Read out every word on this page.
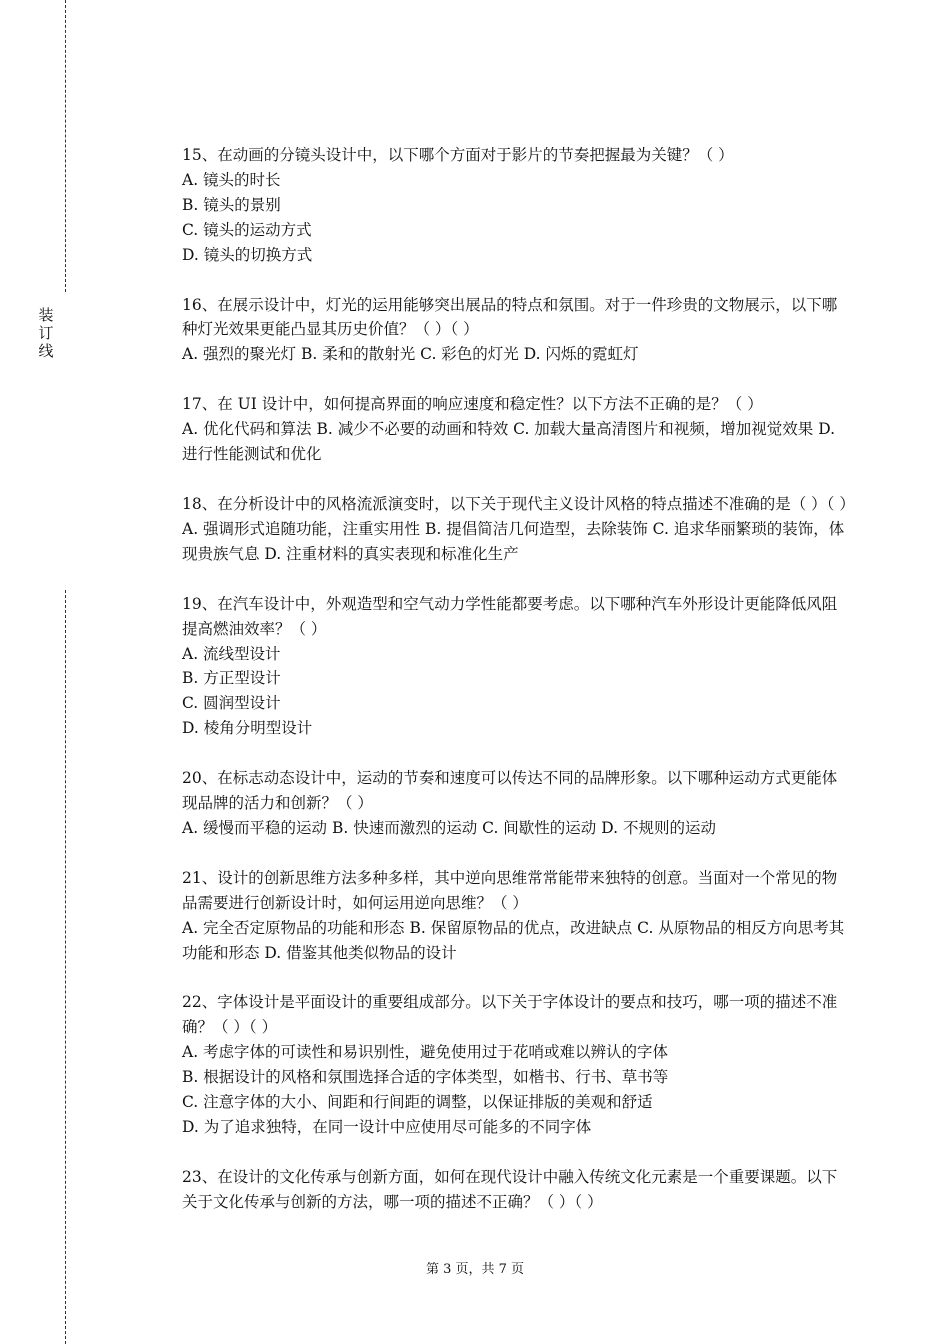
装
订
线
15、在动画的分镜头设计中，以下哪个方面对于影片的节奏把握最为关键？（ ）
A. 镜头的时长
B. 镜头的景别
C. 镜头的运动方式
D. 镜头的切换方式
16、在展示设计中，灯光的运用能够突出展品的特点和氛围。对于一件珍贵的文物展示，以下哪种灯光效果更能凸显其历史价值？（ ）（ ）
A. 强烈的聚光灯 B. 柔和的散射光 C. 彩色的灯光 D. 闪烁的霓虹灯
17、在 UI 设计中，如何提高界面的响应速度和稳定性？以下方法不正确的是？（ ）
A. 优化代码和算法 B. 减少不必要的动画和特效 C. 加载大量高清图片和视频，增加视觉效果 D. 进行性能测试和优化
18、在分析设计中的风格流派演变时，以下关于现代主义设计风格的特点描述不准确的是（ ）（ ）
A. 强调形式追随功能，注重实用性 B. 提倡简洁几何造型，去除装饰 C. 追求华丽繁琐的装饰，体现贵族气息 D. 注重材料的真实表现和标准化生产
19、在汽车设计中，外观造型和空气动力学性能都要考虑。以下哪种汽车外形设计更能降低风阻提高燃油效率？（ ）
A. 流线型设计
B. 方正型设计
C. 圆润型设计
D. 棱角分明型设计
20、在标志动态设计中，运动的节奏和速度可以传达不同的品牌形象。以下哪种运动方式更能体现品牌的活力和创新？（ ）
A. 缓慢而平稳的运动 B. 快速而激烈的运动 C. 间歇性的运动 D. 不规则的运动
21、设计的创新思维方法多种多样，其中逆向思维常常能带来独特的创意。当面对一个常见的物品需要进行创新设计时，如何运用逆向思维？（ ）
A. 完全否定原物品的功能和形态 B. 保留原物品的优点，改进缺点 C. 从原物品的相反方向思考其功能和形态 D. 借鉴其他类似物品的设计
22、字体设计是平面设计的重要组成部分。以下关于字体设计的要点和技巧，哪一项的描述不准确？（ ）（ ）
A. 考虑字体的可读性和易识别性，避免使用过于花哨或难以辨认的字体
B. 根据设计的风格和氛围选择合适的字体类型，如楷书、行书、草书等
C. 注意字体的大小、间距和行间距的调整，以保证排版的美观和舒适
D. 为了追求独特，在同一设计中应使用尽可能多的不同字体
23、在设计的文化传承与创新方面，如何在现代设计中融入传统文化元素是一个重要课题。以下关于文化传承与创新的方法，哪一项的描述不正确？（ ）（ ）
第 3 页，共 7 页
